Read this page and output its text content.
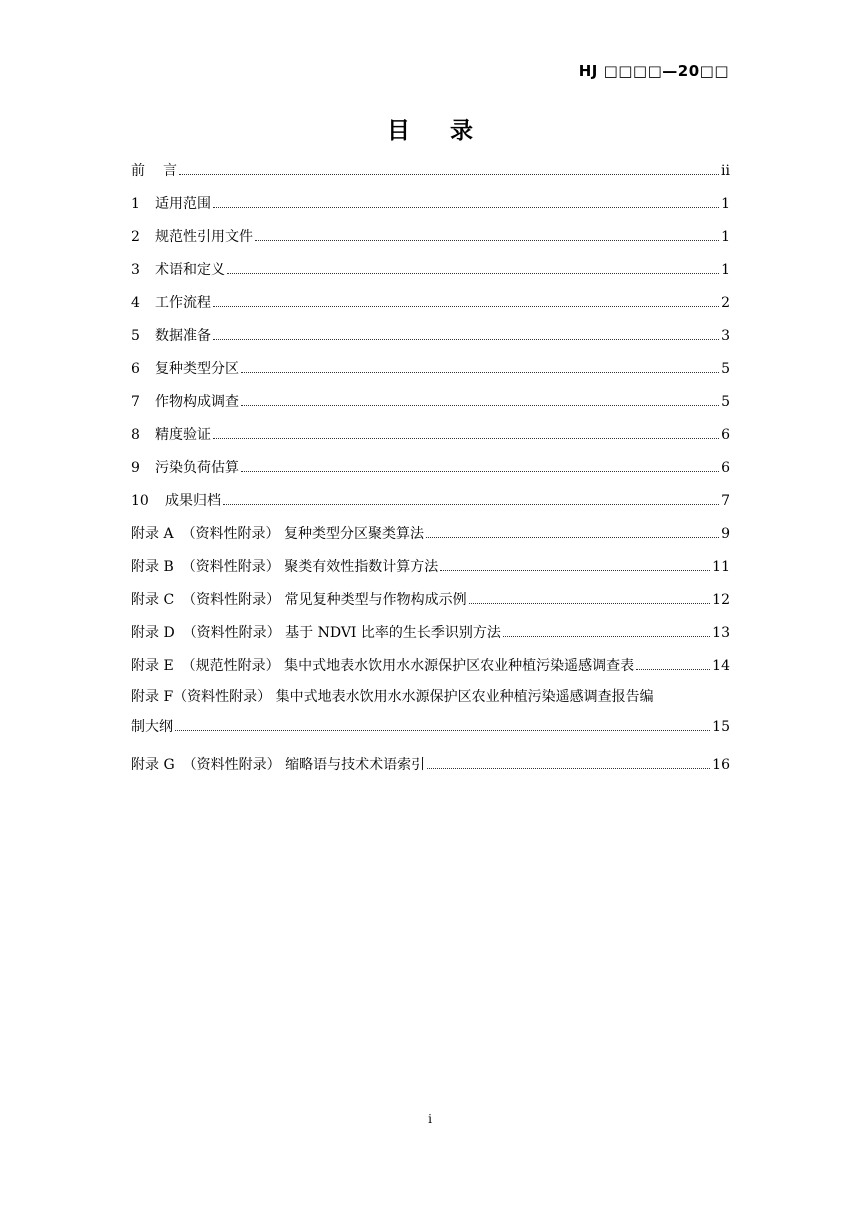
HJ □□□□—20□□
目 录
前 言	ii
1 适用范围	1
2 规范性引用文件	1
3 术语和定义	1
4 工作流程	2
5 数据准备	3
6 复种类型分区	5
7 作物构成调查	5
8 精度验证	6
9 污染负荷估算	6
10 成果归档	7
附录 A （资料性附录） 复种类型分区聚类算法	9
附录 B （资料性附录） 聚类有效性指数计算方法	11
附录 C （资料性附录） 常见复种类型与作物构成示例	12
附录 D （资料性附录） 基于 NDVI 比率的生长季识别方法	13
附录 E （规范性附录） 集中式地表水饮用水水源保护区农业种植污染遥感调查表	14
附录 F（资料性附录） 集中式地表水饮用水水源保护区农业种植污染遥感调查报告编
制大纲	15
附录 G （资料性附录） 缩略语与技术术语索引	16
i
